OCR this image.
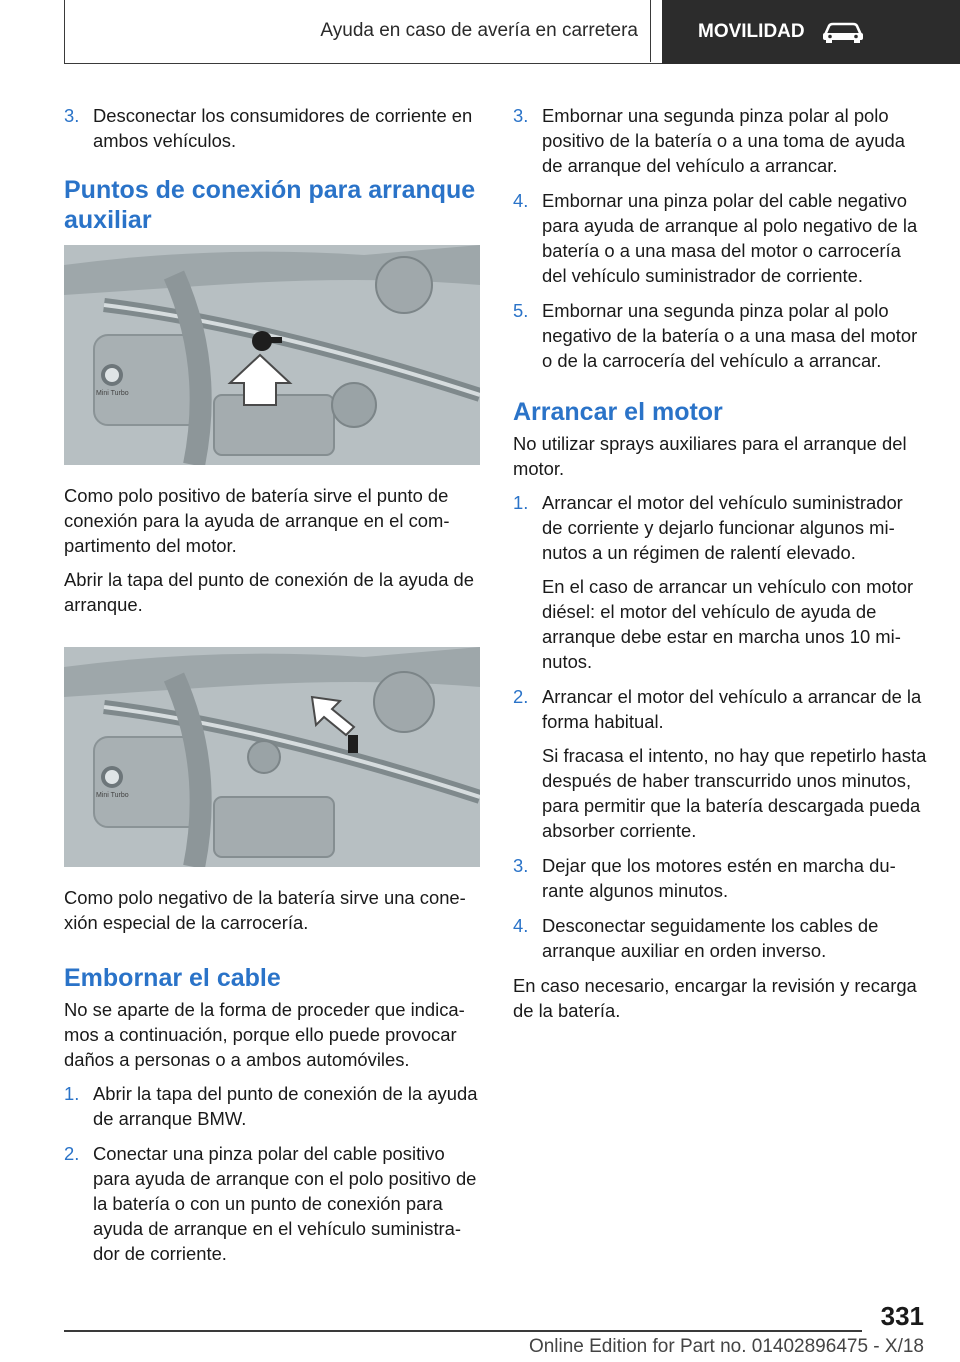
Ayuda en caso de avería en carretera	MOVILIDAD
3. Desconectar los consumidores de corriente en ambos vehículos.

Puntos de conexión para arranque auxiliar
Mini Turbo

Como polo positivo de batería sirve el punto de conexión para la ayuda de arranque en el compartimento del motor.

Abrir la tapa del punto de conexión de la ayuda de arranque.

Mini Turbo

Como polo negativo de la batería sirve una conexión especial de la carrocería.

Embornar el cable

No se aparte de la forma de proceder que indicamos a continuación, porque ello puede provocar daños a personas o a ambos automóviles.

1. Abrir la tapa del punto de conexión de la ayuda de arranque BMW.

2. Conectar una pinza polar del cable positivo para ayuda de arranque con el polo positivo de la batería o con un punto de conexión para ayuda de arranque en el vehículo suministrador de corriente.

3. Embornar una segunda pinza polar al polo positivo de la batería o a una toma de ayuda de arranque del vehículo a arrancar.

4. Embornar una pinza polar del cable negativo para ayuda de arranque al polo negativo de la batería o a una masa del motor o carrocería del vehículo suministrador de corriente.

5. Embornar una segunda pinza polar al polo negativo de la batería o a una masa del motor o de la carrocería del vehículo a arrancar.

Arrancar el motor

No utilizar sprays auxiliares para el arranque del motor.

1. Arrancar el motor del vehículo suministrador de corriente y dejarlo funcionar algunos minutos a un régimen de ralentí elevado.

En el caso de arrancar un vehículo con motor diésel: el motor del vehículo de ayuda de arranque debe estar en marcha unos 10 minutos.

2. Arrancar el motor del vehículo a arrancar de la forma habitual.

Si fracasa el intento, no hay que repetirlo hasta después de haber transcurrido unos minutos, para permitir que la batería descargada pueda absorber corriente.

3. Dejar que los motores estén en marcha durante algunos minutos.

4. Desconectar seguidamente los cables de arranque auxiliar en orden inverso.

En caso necesario, encargar la revisión y recarga de la batería.

331
Online Edition for Part no. 01402896475 - X/18
